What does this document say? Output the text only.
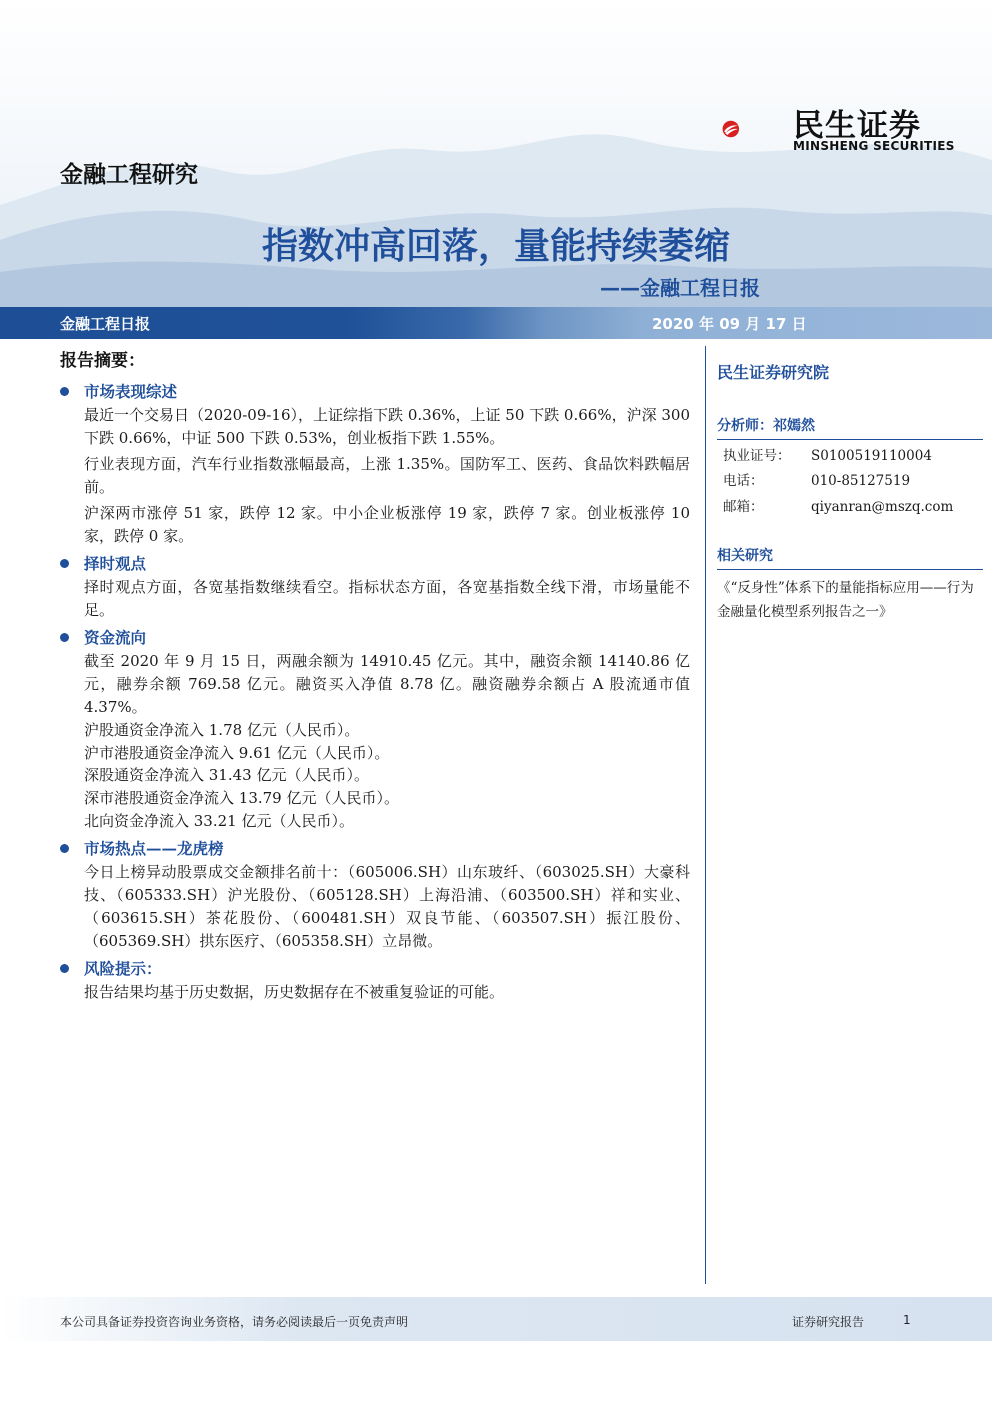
民生证券
MINSHENG SECURITIES
金融工程研究
指数冲高回落，量能持续萎缩
——金融工程日报
金融工程日报	2020 年 09 月 17 日
报告摘要：
市场表现综述
最近一个交易日（2020-09-16），上证综指下跌 0.36%，上证 50 下跌 0.66%，沪深 300 下跌 0.66%，中证 500 下跌 0.53%，创业板指下跌 1.55%。
行业表现方面，汽车行业指数涨幅最高，上涨 1.35%。国防军工、医药、食品饮料跌幅居前。
沪深两市涨停 51 家，跌停 12 家。中小企业板涨停 19 家，跌停 7 家。创业板涨停 10 家，跌停 0 家。
择时观点
择时观点方面，各宽基指数继续看空。指标状态方面，各宽基指数全线下滑，市场量能不足。
资金流向
截至 2020 年 9 月 15 日，两融余额为 14910.45 亿元。其中，融资余额 14140.86 亿元，融券余额 769.58 亿元。融资买入净值 8.78 亿。融资融券余额占 A 股流通市值 4.37%。
沪股通资金净流入 1.78 亿元（人民币）。
沪市港股通资金净流入 9.61 亿元（人民币）。
深股通资金净流入 31.43 亿元（人民币）。
深市港股通资金净流入 13.79 亿元（人民币）。
北向资金净流入 33.21 亿元（人民币）。
市场热点——龙虎榜
今日上榜异动股票成交金额排名前十：（605006.SH）山东玻纤、（603025.SH）大豪科技、（605333.SH）沪光股份、（605128.SH）上海沿浦、（603500.SH）祥和实业、（603615.SH）茶花股份、（600481.SH）双良节能、（603507.SH）振江股份、（605369.SH）拱东医疗、（605358.SH）立昂微。
风险提示：
报告结果均基于历史数据，历史数据存在不被重复验证的可能。
民生证券研究院
分析师：祁嫣然
执业证号： S0100519110004
电话：	010-85127519
邮箱：	qiyanran@mszq.com
相关研究
《“反身性”体系下的量能指标应用——行为金融量化模型系列报告之一》
本公司具备证券投资咨询业务资格，请务必阅读最后一页免责声明	证券研究报告	1
